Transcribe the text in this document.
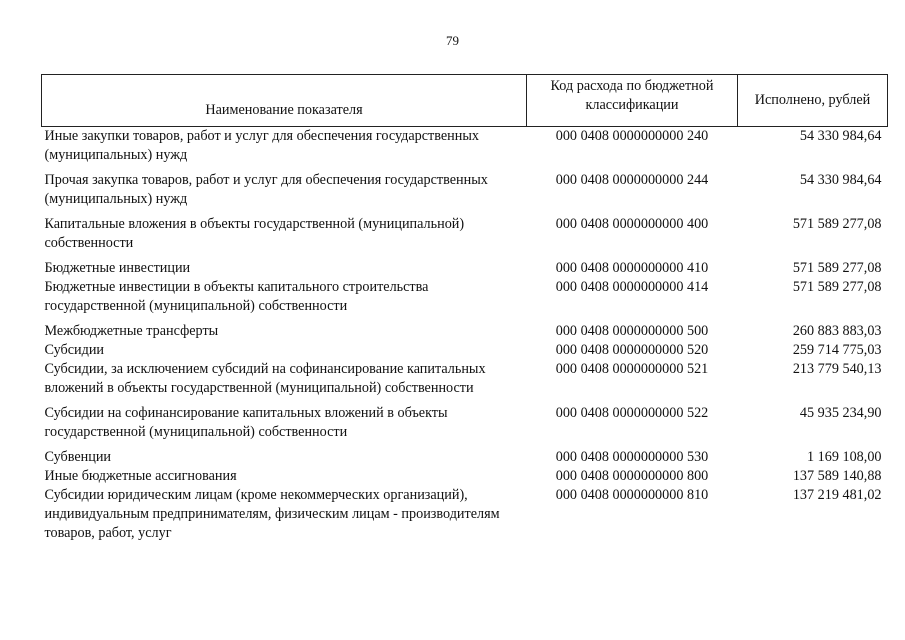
79
Наименование показателя	Код расхода по бюджетной классификации	Исполнено, рублей
Иные закупки товаров, работ и услуг для обеспечения государственных (муниципальных) нужд	000 0408 0000000000 240	54 330 984,64
Прочая закупка товаров, работ и услуг для обеспечения государственных (муниципальных) нужд	000 0408 0000000000 244	54 330 984,64
Капитальные вложения в объекты государственной (муниципальной) собственности	000 0408 0000000000 400	571 589 277,08
Бюджетные инвестиции	000 0408 0000000000 410	571 589 277,08
Бюджетные инвестиции в объекты капитального строительства государственной (муниципальной) собственности	000 0408 0000000000 414	571 589 277,08
Межбюджетные трансферты	000 0408 0000000000 500	260 883 883,03
Субсидии	000 0408 0000000000 520	259 714 775,03
Субсидии, за исключением субсидий на софинансирование капитальных вложений в объекты государственной (муниципальной) собственности	000 0408 0000000000 521	213 779 540,13
Субсидии на софинансирование капитальных вложений в объекты государственной (муниципальной) собственности	000 0408 0000000000 522	45 935 234,90
Субвенции	000 0408 0000000000 530	1 169 108,00
Иные бюджетные ассигнования	000 0408 0000000000 800	137 589 140,88
Субсидии юридическим лицам (кроме некоммерческих организаций), индивидуальным предпринимателям, физическим лицам - производителям товаров, работ, услуг	000 0408 0000000000 810	137 219 481,02
